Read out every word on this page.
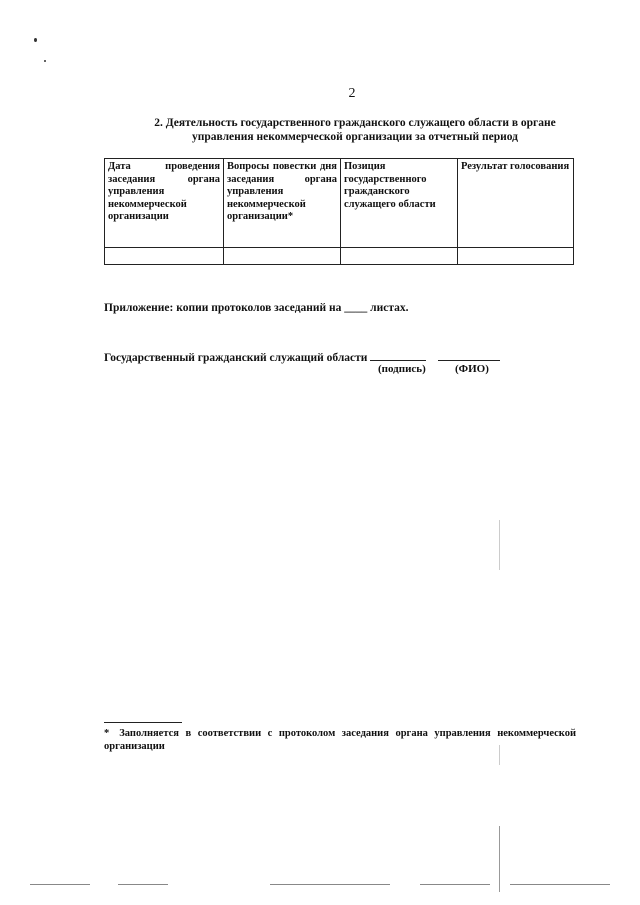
2
2. Деятельность государственного гражданского служащего области в органе управления некоммерческой организации за отчетный период
Дата проведения заседания органа управления некоммерческой организации	Вопросы повестки дня заседания органа управления некоммерческой организации*	Позиция государственного гражданского служащего области	Результат голосования

Приложение: копии протоколов заседаний на ____ листах.
Государственный гражданский служащий области
(подпись)	(ФИО)
* Заполняется в соответствии с протоколом заседания органа управления некоммерческой организации
